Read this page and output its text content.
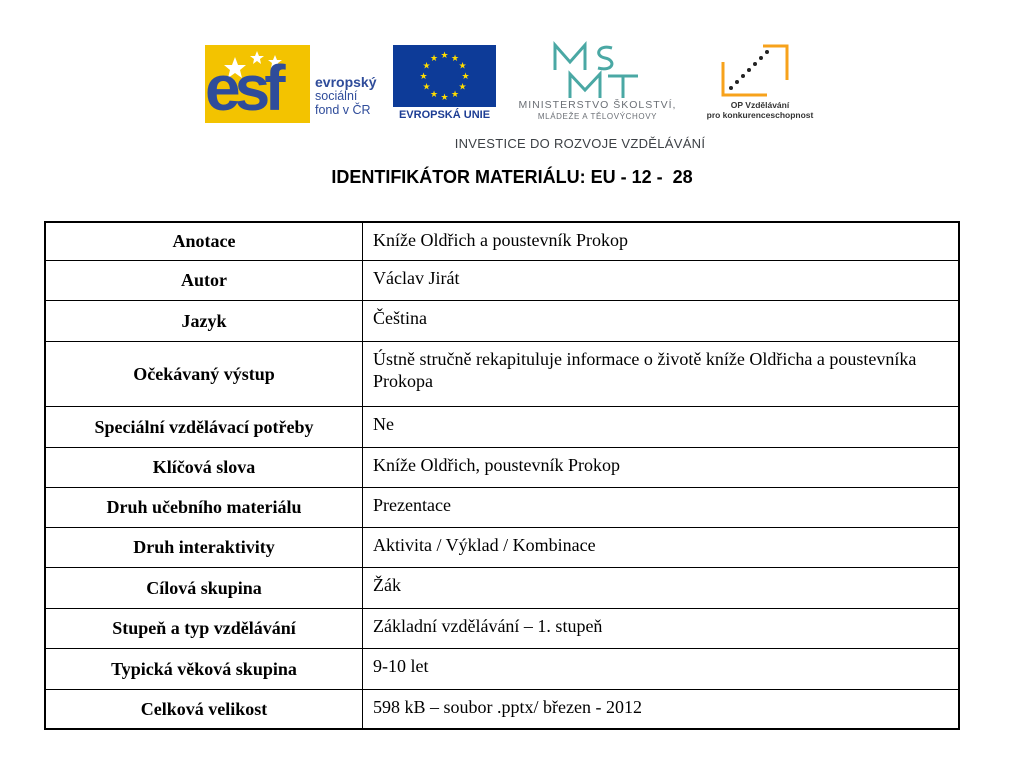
esf	evropský
sociální
fond v ČR
★ ★
★
★
★
★
★
★
★
★
★
★
EVROPSKÁ UNIE
MINISTERSTVO ŠKOLSTVÍ,
MLÁDEŽE A TĚLOVÝCHOVY
OP Vzdělávání
pro konkurenceschopnost
INVESTICE DO ROZVOJE VZDĚLÁVÁNÍ
IDENTIFIKÁTOR MATERIÁLU: EU - 12 -  28
Anotace	Kníže Oldřich a poustevník Prokop
Autor	Václav Jirát
Jazyk	Čeština
Očekávaný výstup	Ústně stručně rekapituluje informace o životě kníže Oldřicha a poustevníka Prokopa
Speciální vzdělávací potřeby	Ne
Klíčová slova	Kníže Oldřich, poustevník Prokop
Druh učebního materiálu	Prezentace
Druh interaktivity	Aktivita / Výklad / Kombinace
Cílová skupina	Žák
Stupeň a typ vzdělávání	Základní vzdělávání – 1. stupeň
Typická věková skupina	9-10 let
Celková velikost	598 kB – soubor .pptx/ březen - 2012
